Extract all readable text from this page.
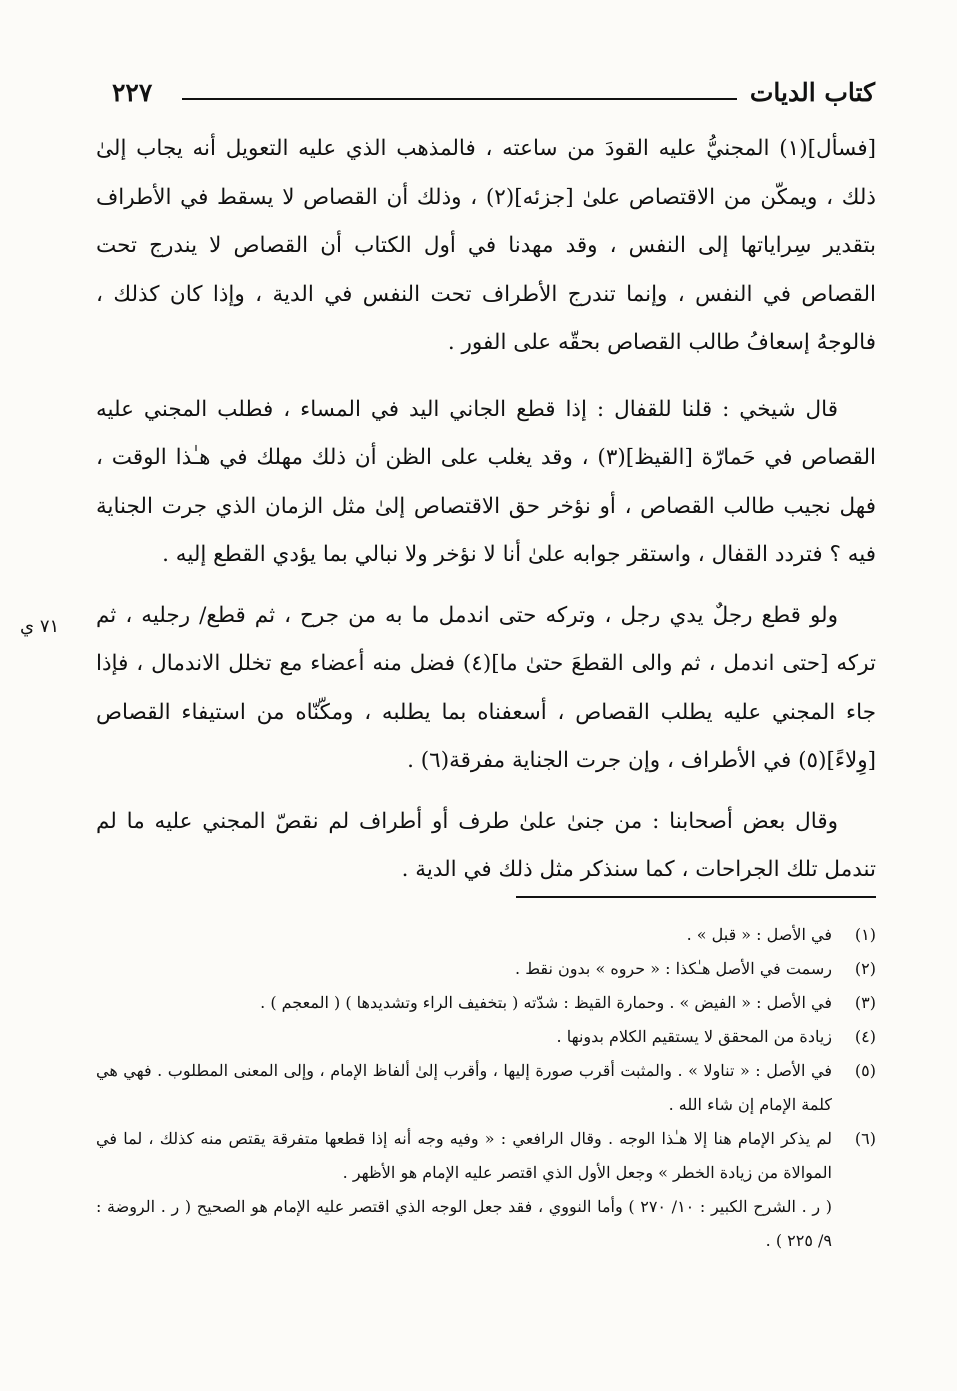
كتاب الديات
٢٢٧

[فسأل](١) المجنيُّ عليه القودَ من ساعته ، فالمذهب الذي عليه التعويل أنه يجاب إلىٰ ذلك ، ويمكّن من الاقتصاص علىٰ [جزئه](٢) ، وذلك أن القصاص لا يسقط في الأطراف بتقدير سِراياتها إلى النفس ، وقد مهدنا في أول الكتاب أن القصاص لا يندرج تحت القصاص في النفس ، وإنما تندرج الأطراف تحت النفس في الدية ، وإذا كان كذلك ، فالوجهُ إسعافُ طالب القصاص بحقّه على الفور .

قال شيخي : قلنا للقفال : إذا قطع الجاني اليد في المساء ، فطلب المجني عليه القصاص في حَمارّة [القيظ](٣) ، وقد يغلب على الظن أن ذلك مهلك في هـٰذا الوقت ، فهل نجيب طالب القصاص ، أو نؤخر حق الاقتصاص إلىٰ مثل الزمان الذي جرت الجناية فيه ؟ فتردد القفال ، واستقر جوابه علىٰ أنا لا نؤخر ولا نبالي بما يؤدي القطع إليه .

ولو قطع رجلٌ يدي رجل ، وتركه حتى اندمل ما به من جرح ، ثم قطع/ رجليه ، ثم تركه [حتى اندمل ، ثم والى القطعَ حتىٰ ما](٤) فضل منه أعضاء مع تخلل الاندمال ، فإذا جاء المجني عليه يطلب القصاص ، أسعفناه بما يطلبه ، ومكّنّاه من استيفاء القصاص [وِلاءً](٥) في الأطراف ، وإن جرت الجناية مفرقة(٦) .

وقال بعض أصحابنا : من جنىٰ علىٰ طرف أو أطراف لم نقصّ المجني عليه ما لم تندمل تلك الجراحات ، كما سنذكر مثل ذلك في الدية .

٧١ ي
(١)
في الأصل : « قبل » .
(٢)
رسمت في الأصل هـٰكذا : « حروه » بدون نقط .
(٣)
في الأصل : « الفيض » . وحمارة القيظ : شدّته ( بتخفيف الراء وتشديدها ) ( المعجم ) .
(٤)
زيادة من المحقق لا يستقيم الكلام بدونها .
(٥)
في الأصل : « تناولا » . والمثبت أقرب صورة إليها ، وأقرب إلىٰ ألفاظ الإمام ، وإلى المعنى المطلوب . فهي هي كلمة الإمام إن شاء الله .
(٦)
لم يذكر الإمام هنا إلا هـٰذا الوجه . وقال الرافعي : « وفيه وجه أنه إذا قطعها متفرقة يقتص منه كذلك ، لما في الموالاة من زيادة الخطر » وجعل الأول الذي اقتصر عليه الإمام هو الأظهر .
( ر . الشرح الكبير : ١٠/ ٢٧٠ ) وأما النووي ، فقد جعل الوجه الذي اقتصر عليه الإمام هو الصحيح ( ر . الروضة : ٩/ ٢٢٥ ) .
